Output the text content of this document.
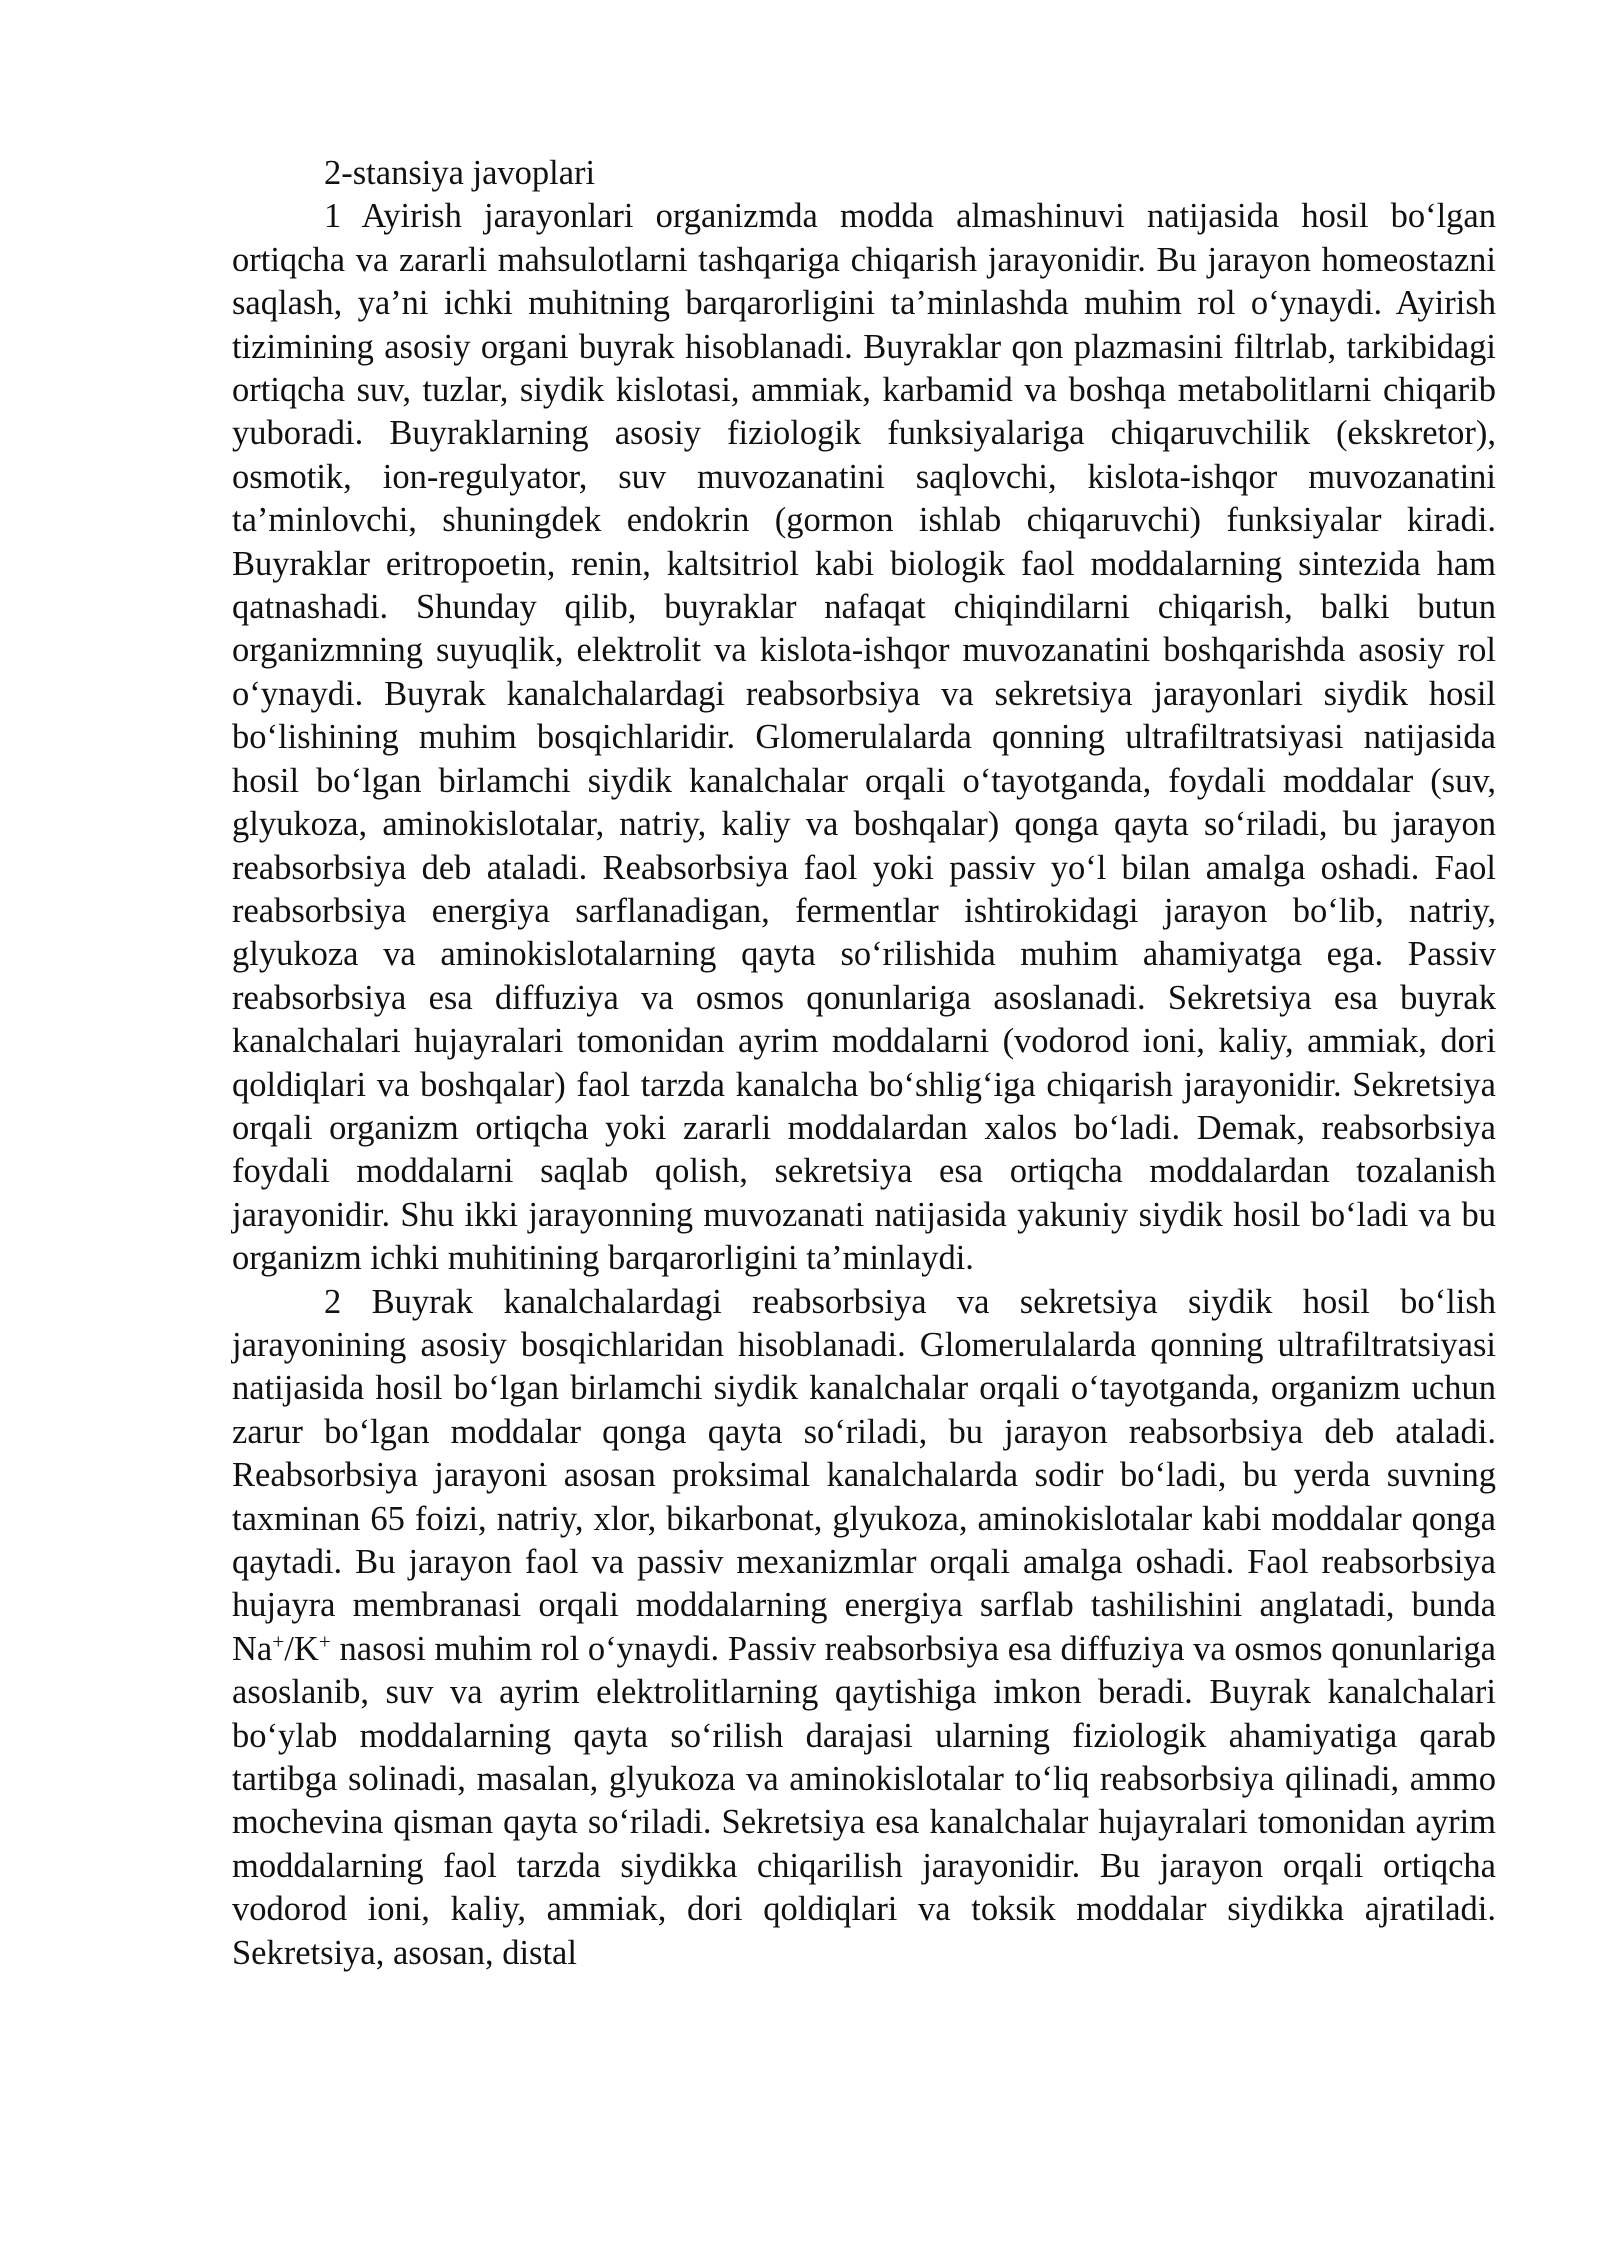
2-stansiya javoplari

1 Ayirish jarayonlari organizmda modda almashinuvi natijasida hosil bo‘lgan ortiqcha va zararli mahsulotlarni tashqariga chiqarish jarayonidir. Bu jarayon homeostazni saqlash, ya’ni ichki muhitning barqarorligini ta’minlashda muhim rol o‘ynaydi. Ayirish tizimining asosiy organi buyrak hisoblanadi. Buyraklar qon plazmasini filtrlab, tarkibidagi ortiqcha suv, tuzlar, siydik kislotasi, ammiak, karbamid va boshqa metabolitlarni chiqarib yuboradi. Buyraklarning asosiy fiziologik funksiyalariga chiqaruvchilik (ekskretor), osmotik, ion-regulyator, suv muvozanatini saqlovchi, kislota-ishqor muvozanatini ta’minlovchi, shuningdek endokrin (gormon ishlab chiqaruvchi) funksiyalar kiradi. Buyraklar eritropoetin, renin, kaltsitriol kabi biologik faol moddalarning sintezida ham qatnashadi. Shunday qilib, buyraklar nafaqat chiqindilarni chiqarish, balki butun organizmning suyuqlik, elektrolit va kislota-ishqor muvozanatini boshqarishda asosiy rol o‘ynaydi. Buyrak kanalchalardagi reabsorbsiya va sekretsiya jarayonlari siydik hosil bo‘lishining muhim bosqichlaridir. Glomerulalarda qonning ultrafiltratsiyasi natijasida hosil bo‘lgan birlamchi siydik kanalchalar orqali o‘tayotganda, foydali moddalar (suv, glyukoza, aminokislotalar, natriy, kaliy va boshqalar) qonga qayta so‘riladi, bu jarayon reabsorbsiya deb ataladi. Reabsorbsiya faol yoki passiv yo‘l bilan amalga oshadi. Faol reabsorbsiya energiya sarflanadigan, fermentlar ishtirokidagi jarayon bo‘lib, natriy, glyukoza va aminokislotalarning qayta so‘rilishida muhim ahamiyatga ega. Passiv reabsorbsiya esa diffuziya va osmos qonunlariga asoslanadi. Sekretsiya esa buyrak kanalchalari hujayralari tomonidan ayrim moddalarni (vodorod ioni, kaliy, ammiak, dori qoldiqlari va boshqalar) faol tarzda kanalcha bo‘shlig‘iga chiqarish jarayonidir. Sekretsiya orqali organizm ortiqcha yoki zararli moddalardan xalos bo‘ladi. Demak, reabsorbsiya foydali moddalarni saqlab qolish, sekretsiya esa ortiqcha moddalardan tozalanish jarayonidir. Shu ikki jarayonning muvozanati natijasida yakuniy siydik hosil bo‘ladi va bu organizm ichki muhitining barqarorligini ta’minlaydi.

2 Buyrak kanalchalardagi reabsorbsiya va sekretsiya siydik hosil bo‘lish jarayonining asosiy bosqichlaridan hisoblanadi. Glomerulalarda qonning ultrafiltratsiyasi natijasida hosil bo‘lgan birlamchi siydik kanalchalar orqali o‘tayotganda, organizm uchun zarur bo‘lgan moddalar qonga qayta so‘riladi, bu jarayon reabsorbsiya deb ataladi. Reabsorbsiya jarayoni asosan proksimal kanalchalarda sodir bo‘ladi, bu yerda suvning taxminan 65 foizi, natriy, xlor, bikarbonat, glyukoza, aminokislotalar kabi moddalar qonga qaytadi. Bu jarayon faol va passiv mexanizmlar orqali amalga oshadi. Faol reabsorbsiya hujayra membranasi orqali moddalarning energiya sarflab tashilishini anglatadi, bunda Na+/K+ nasosi muhim rol o‘ynaydi. Passiv reabsorbsiya esa diffuziya va osmos qonunlariga asoslanib, suv va ayrim elektrolitlarning qaytishiga imkon beradi. Buyrak kanalchalari bo‘ylab moddalarning qayta so‘rilish darajasi ularning fiziologik ahamiyatiga qarab tartibga solinadi, masalan, glyukoza va aminokislotalar to‘liq reabsorbsiya qilinadi, ammo mochevina qisman qayta so‘riladi. Sekretsiya esa kanalchalar hujayralari tomonidan ayrim moddalarning faol tarzda siydikka chiqarilish jarayonidir. Bu jarayon orqali ortiqcha vodorod ioni, kaliy, ammiak, dori qoldiqlari va toksik moddalar siydikka ajratiladi. Sekretsiya, asosan, distal
